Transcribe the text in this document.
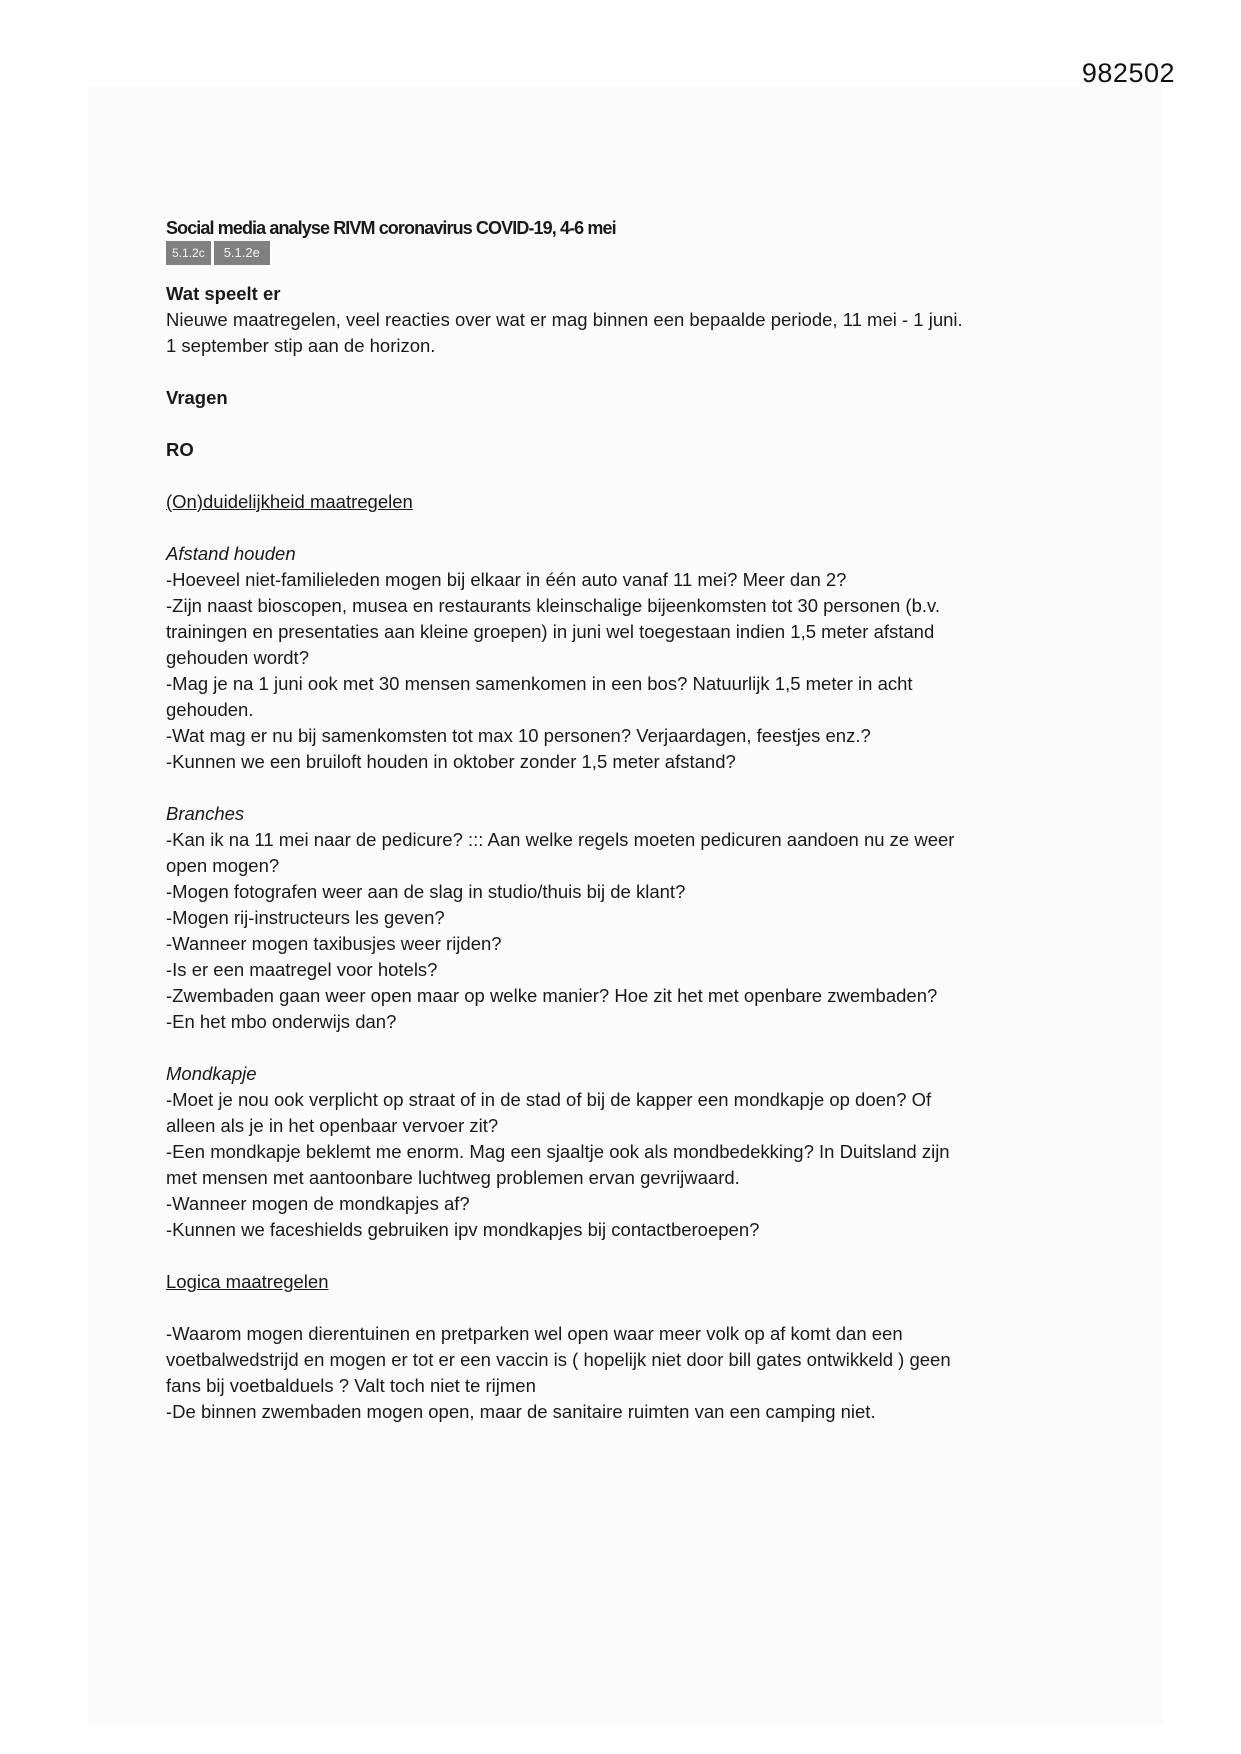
982502
Social media analyse RIVM coronavirus COVID-19, 4-6 mei
5.1.2c	5.1.2e

Wat speelt er

Nieuwe maatregelen, veel reacties over wat er mag binnen een bepaalde periode, 11 mei - 1 juni.

1 september stip aan de horizon.

Vragen

RO

(On)duidelijkheid maatregelen

Afstand houden

-Hoeveel niet-familieleden mogen bij elkaar in één auto vanaf 11 mei? Meer dan 2?

-Zijn naast bioscopen, musea en restaurants kleinschalige bijeenkomsten tot 30 personen (b.v.

trainingen en presentaties aan kleine groepen) in juni wel toegestaan indien 1,5 meter afstand

gehouden wordt?

-Mag je na 1 juni ook met 30 mensen samenkomen in een bos? Natuurlijk 1,5 meter in acht

gehouden.

-Wat mag er nu bij samenkomsten tot max 10 personen? Verjaardagen, feestjes enz.?

-Kunnen we een bruiloft houden in oktober zonder 1,5 meter afstand?

Branches

-Kan ik na 11 mei naar de pedicure? ::: Aan welke regels moeten pedicuren aandoen nu ze weer

open mogen?

-Mogen fotografen weer aan de slag in studio/thuis bij de klant?

-Mogen rij-instructeurs les geven?

-Wanneer mogen taxibusjes weer rijden?

-Is er een maatregel voor hotels?

-Zwembaden gaan weer open maar op welke manier? Hoe zit het met openbare zwembaden?

-En het mbo onderwijs dan?

Mondkapje

-Moet je nou ook verplicht op straat of in de stad of bij de kapper een mondkapje op doen? Of

alleen als je in het openbaar vervoer zit?

-Een mondkapje beklemt me enorm. Mag een sjaaltje ook als mondbedekking? In Duitsland zijn

met mensen met aantoonbare luchtweg problemen ervan gevrijwaard.

-Wanneer mogen de mondkapjes af?

-Kunnen we faceshields gebruiken ipv mondkapjes bij contactberoepen?

Logica maatregelen

-Waarom mogen dierentuinen en pretparken wel open waar meer volk op af komt dan een

voetbalwedstrijd en mogen er tot er een vaccin is ( hopelijk niet door bill gates ontwikkeld ) geen

fans bij voetbalduels ? Valt toch niet te rijmen

-De binnen zwembaden mogen open, maar de sanitaire ruimten van een camping niet.
